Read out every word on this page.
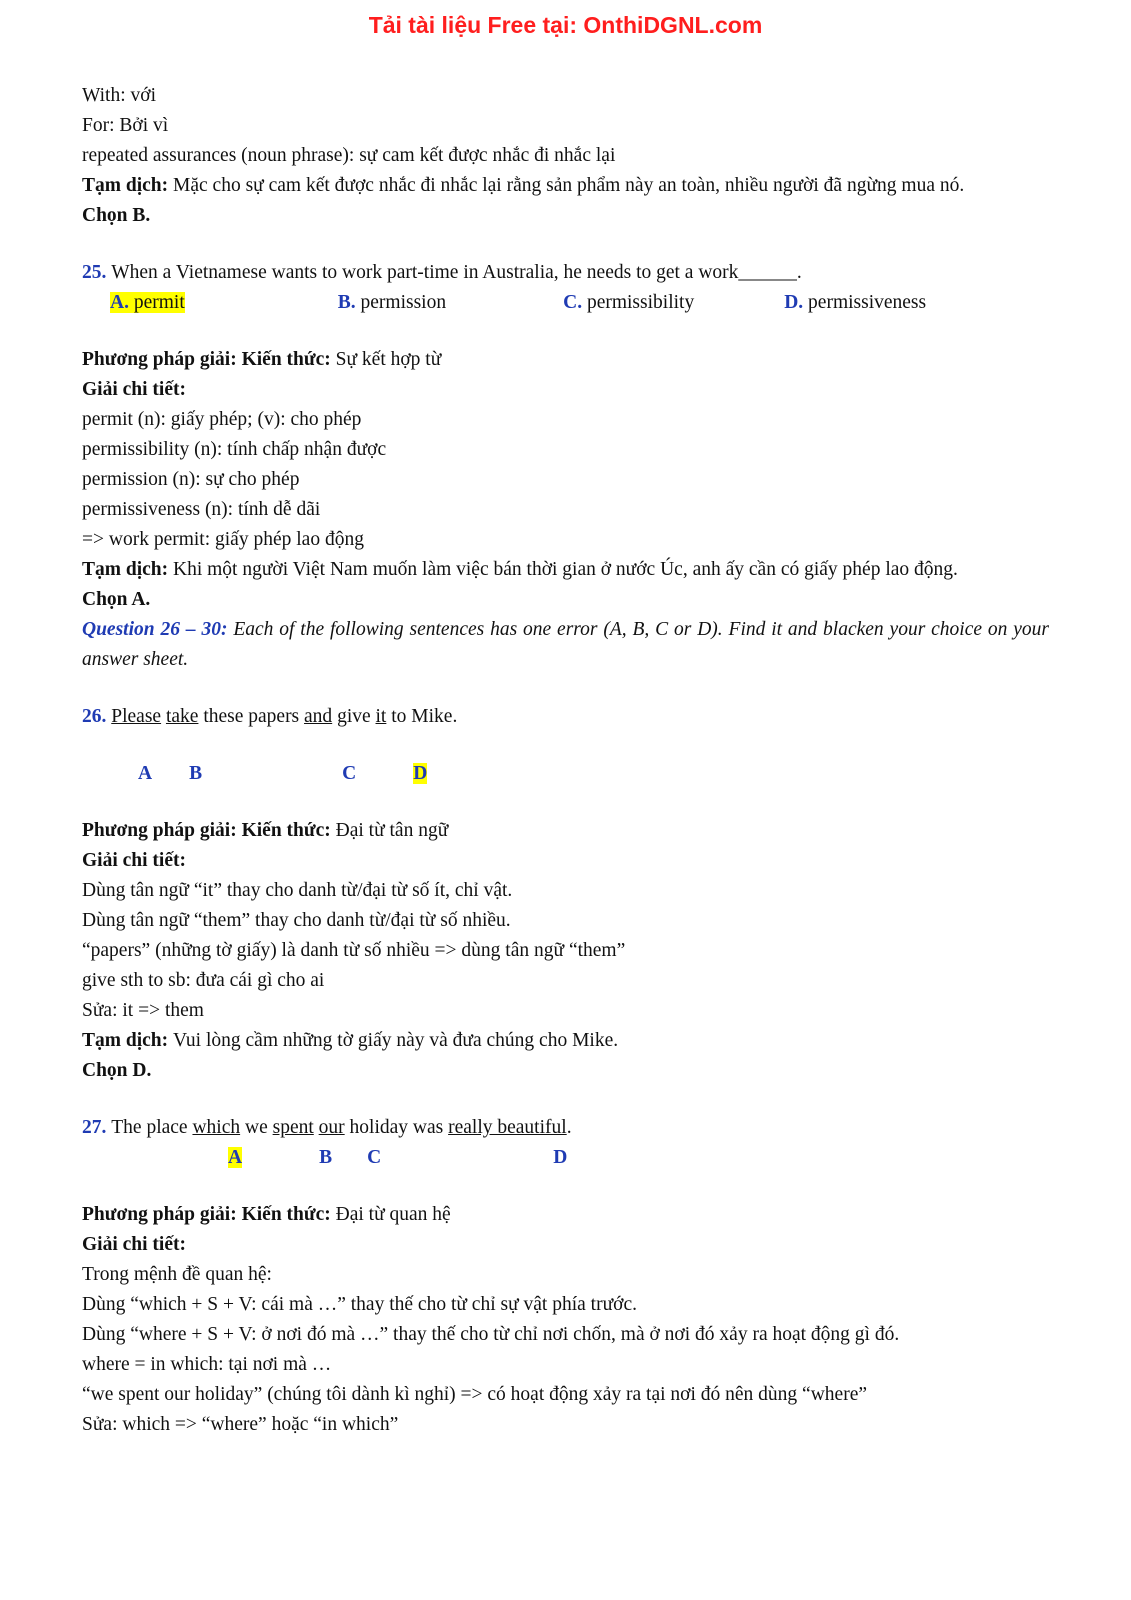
Tải tài liệu Free tại: OnthiDGNL.com
With: với
For: Bởi vì
repeated assurances (noun phrase): sự cam kết được nhắc đi nhắc lại
Tạm dịch: Mặc cho sự cam kết được nhắc đi nhắc lại rằng sản phẩm này an toàn, nhiều người đã ngừng mua nó.
Chọn B.
25. When a Vietnamese wants to work part-time in Australia, he needs to get a work______.
A. permit	B. permission	C. permissibility	D. permissiveness
Phương pháp giải: Kiến thức: Sự kết hợp từ
Giải chi tiết:
permit (n): giấy phép; (v): cho phép
permissibility (n): tính chấp nhận được
permission (n): sự cho phép
permissiveness (n): tính dễ dãi
=> work permit: giấy phép lao động
Tạm dịch: Khi một người Việt Nam muốn làm việc bán thời gian ở nước Úc, anh ấy cần có giấy phép lao động.
Chọn A.
Question 26 – 30: Each of the following sentences has one error (A, B, C or D). Find it and blacken your choice on your answer sheet.
26. Please take these papers and give it to Mike.
A B	C	D
Phương pháp giải: Kiến thức: Đại từ tân ngữ
Giải chi tiết:
Dùng tân ngữ “it” thay cho danh từ/đại từ số ít, chỉ vật.
Dùng tân ngữ “them” thay cho danh từ/đại từ số nhiều.
“papers” (những tờ giấy) là danh từ số nhiều => dùng tân ngữ “them”
give sth to sb: đưa cái gì cho ai
Sửa: it => them
Tạm dịch: Vui lòng cầm những tờ giấy này và đưa chúng cho Mike.
Chọn D.
27. The place which we spent our holiday was really beautiful.
A	B C	D
Phương pháp giải: Kiến thức: Đại từ quan hệ
Giải chi tiết:
Trong mệnh đề quan hệ:
Dùng “which + S + V: cái mà …” thay thế cho từ chỉ sự vật phía trước.
Dùng “where + S + V: ở nơi đó mà …” thay thế cho từ chỉ nơi chốn, mà ở nơi đó xảy ra hoạt động gì đó.
where = in which: tại nơi mà …
“we spent our holiday” (chúng tôi dành kì nghỉ) => có hoạt động xảy ra tại nơi đó nên dùng “where”
Sửa: which => “where” hoặc “in which”
